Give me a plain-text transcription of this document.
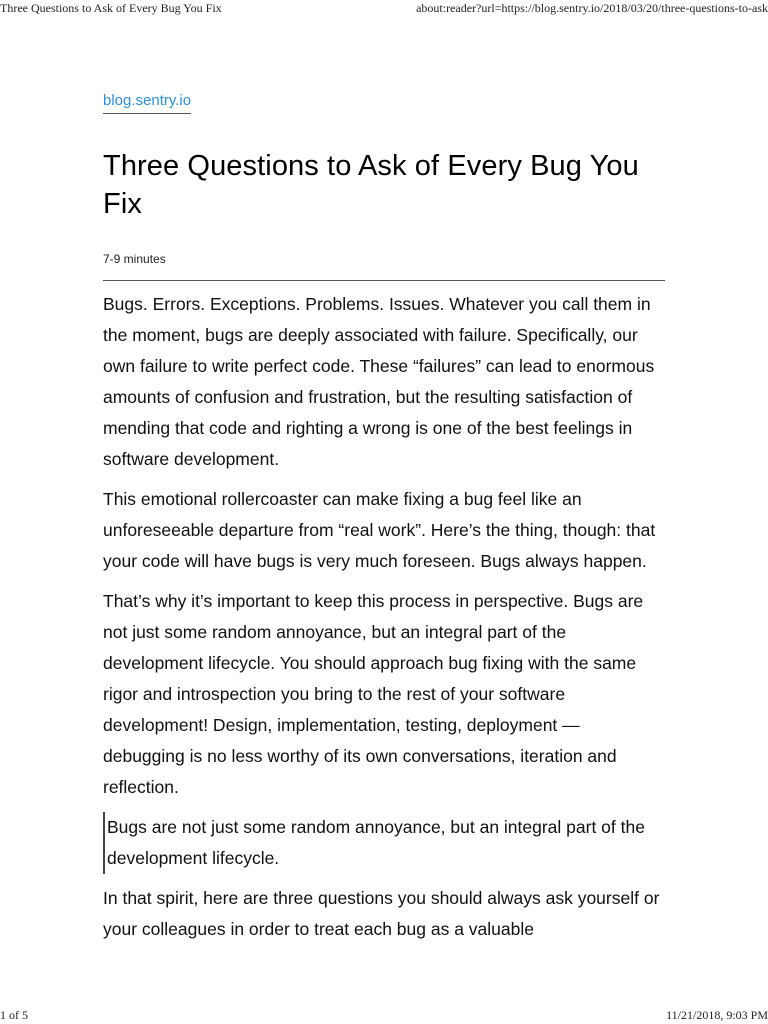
Three Questions to Ask of Every Bug You Fix	about:reader?url=https://blog.sentry.io/2018/03/20/three-questions-to-ask
blog.sentry.io
Three Questions to Ask of Every Bug You Fix
7-9 minutes

Bugs. Errors. Exceptions. Problems. Issues. Whatever you call them in the moment, bugs are deeply associated with failure. Specifically, our own failure to write perfect code. These “failures” can lead to enormous amounts of confusion and frustration, but the resulting satisfaction of mending that code and righting a wrong is one of the best feelings in software development.

This emotional rollercoaster can make fixing a bug feel like an unforeseeable departure from “real work”. Here’s the thing, though: that your code will have bugs is very much foreseen. Bugs always happen.

That’s why it’s important to keep this process in perspective. Bugs are not just some random annoyance, but an integral part of the development lifecycle. You should approach bug fixing with the same rigor and introspection you bring to the rest of your software development! Design, implementation, testing, deployment — debugging is no less worthy of its own conversations, iteration and reflection.

Bugs are not just some random annoyance, but an integral part of the development lifecycle.

In that spirit, here are three questions you should always ask yourself or your colleagues in order to treat each bug as a valuable

1 of 5	11/21/2018, 9:03 PM
